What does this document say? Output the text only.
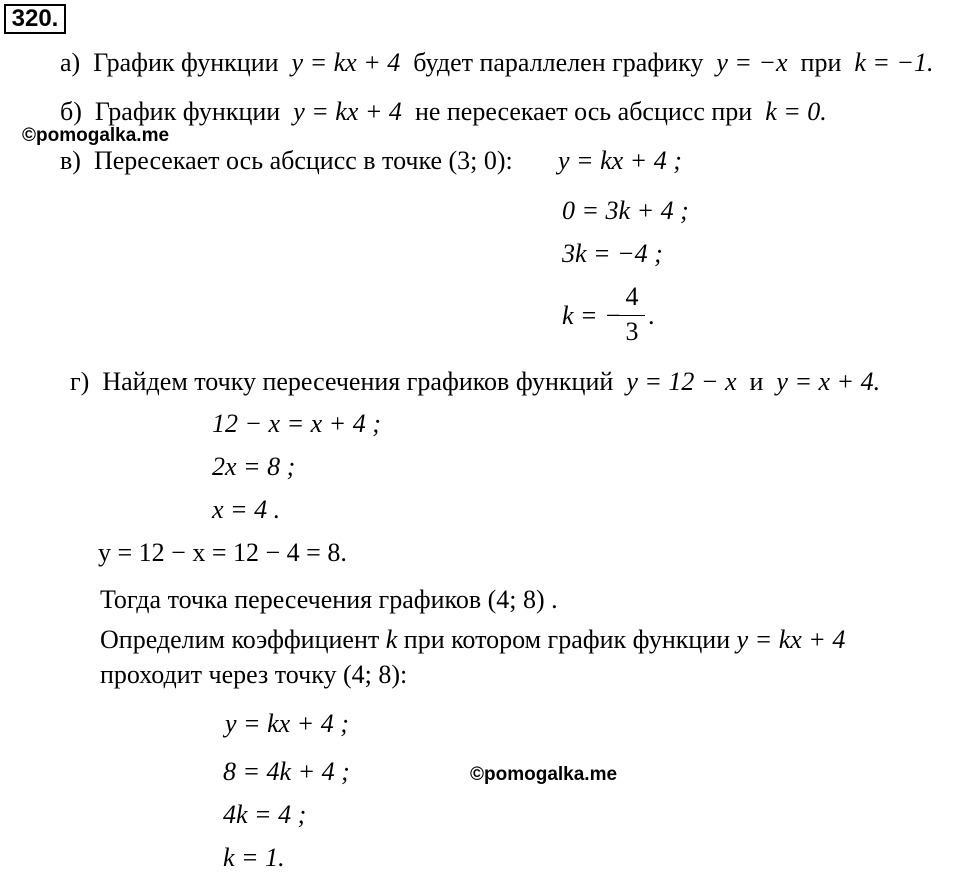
320.
а) График функции y = kx + 4 будет параллелен графику y = −x при k = −1.
б) График функции y = kx + 4 не пересекает ось абсцисс при k = 0.
©pomogalka.me
в) Пересекает ось абсцисс в точке (3; 0): y = kx + 4 ;
0 = 3k + 4 ;
3k = −4 ;
k = −
4
3
.
г) Найдем точку пересечения графиков функций y = 12 − x и y = x + 4.
12 − x = x + 4 ;
2x = 8 ;
x = 4 .
y = 12 − x = 12 − 4 = 8.
Тогда точка пересечения графиков (4; 8) .
Определим коэффициент k при котором график функции y = kx + 4
проходит через точку (4; 8):
y = kx + 4 ;
8 = 4k + 4 ;	©pomogalka.me
4k = 4 ;
k = 1.
